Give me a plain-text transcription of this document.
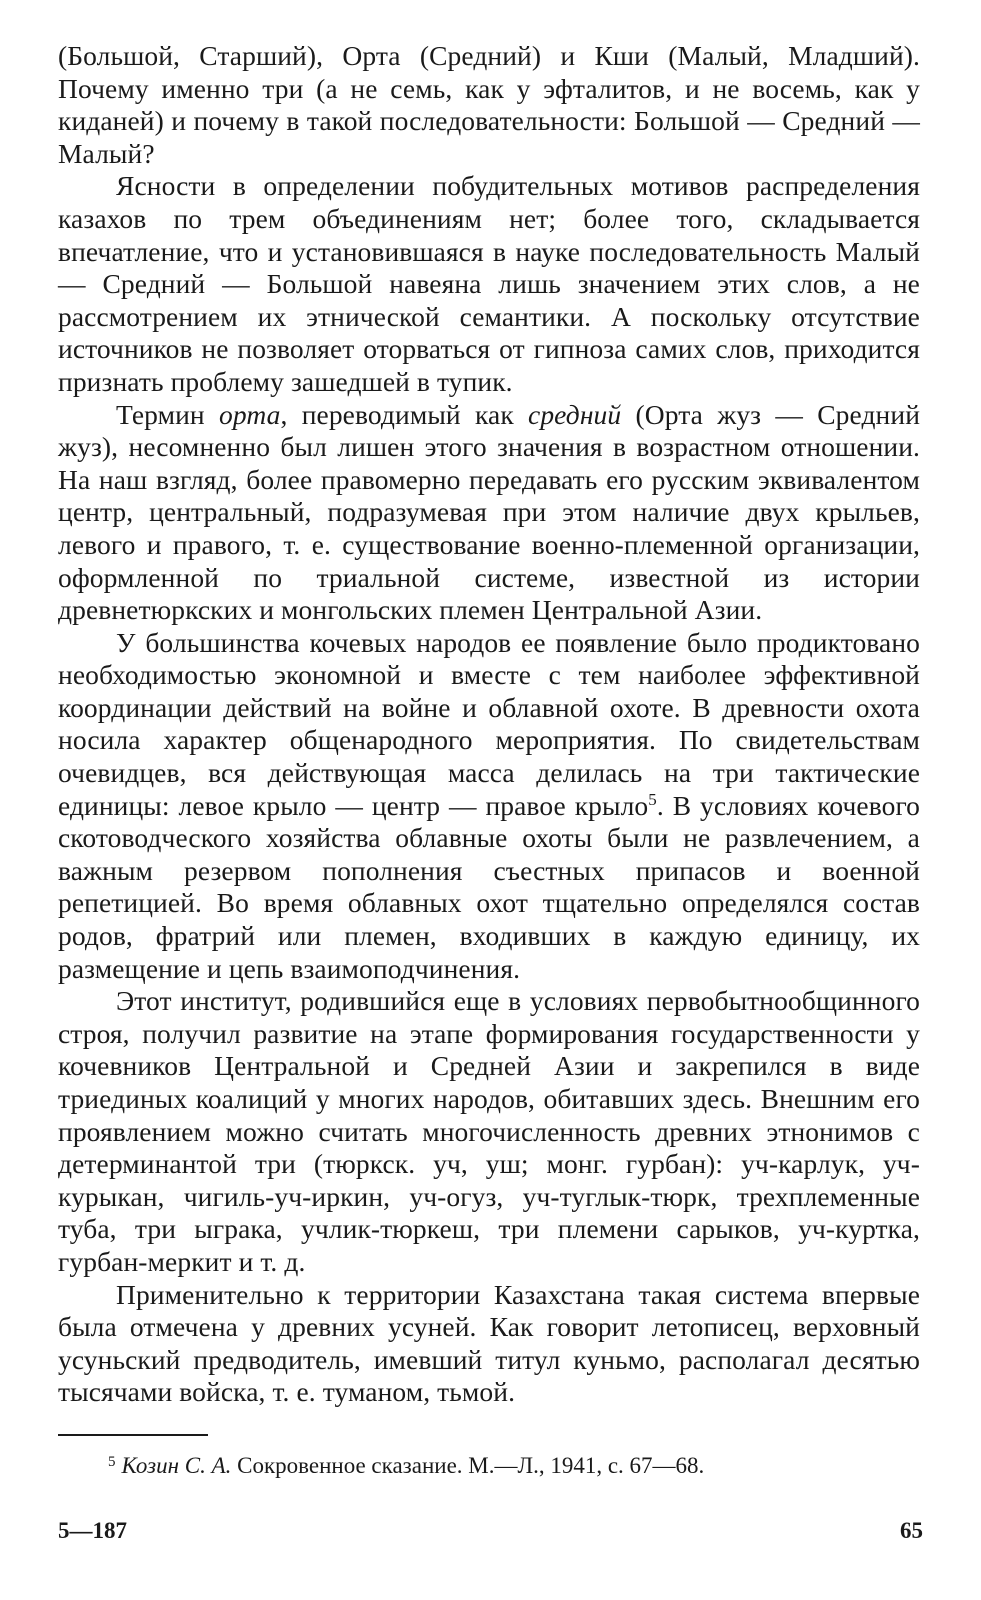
(Большой, Старший), Орта (Средний) и Кши (Малый, Младший). Почему именно три (а не семь, как у эфталитов, и не восемь, как у киданей) и почему в такой последовательности: Большой — Средний — Малый?

Ясности в определении побудительных мотивов распределения казахов по трем объединениям нет; более того, складывается впечатление, что и установившаяся в науке последовательность Малый — Средний — Большой навеяна лишь значением этих слов, а не рассмотрением их этнической семантики. А поскольку отсутствие источников не позволяет оторваться от гипноза самих слов, приходится признать проблему зашедшей в тупик.

Термин орта, переводимый как средний (Орта жуз — Средний жуз), несомненно был лишен этого значения в возрастном отношении. На наш взгляд, более правомерно передавать его русским эквивалентом центр, центральный, подразумевая при этом наличие двух крыльев, левого и правого, т. е. существование военно-племенной организации, оформленной по триальной системе, известной из истории древнетюркских и монгольских племен Центральной Азии.

У большинства кочевых народов ее появление было продиктовано необходимостью экономной и вместе с тем наиболее эффективной координации действий на войне и облавной охоте. В древности охота носила характер общенародного мероприятия. По свидетельствам очевидцев, вся действующая масса делилась на три тактические единицы: левое крыло — центр — правое крыло$^5$. В условиях кочевого скотоводческого хозяйства облавные охоты были не развлечением, а важным резервом пополнения съестных припасов и военной репетицией. Во время облавных охот тщательно определялся состав родов, фратрий или племен, входивших в каждую единицу, их размещение и цепь взаимоподчинения.

Этот институт, родившийся еще в условиях первобытнообщинного строя, получил развитие на этапе формирования государственности у кочевников Центральной и Средней Азии и закрепился в виде триединых коалиций у многих народов, обитавших здесь. Внешним его проявлением можно считать многочисленность древних этнонимов с детерминантой три (тюркск. уч, уш; монг. гурбан): уч-карлук, уч-курыкан, чигиль-уч-иркин, уч-огуз, уч-туглык-тюрк, трехплеменные туба, три ыграка, учлик-тюркеш, три племени сарыков, уч-куртка, гурбан-меркит и т. д.

Применительно к территории Казахстана такая система впервые была отмечена у древних усуней. Как говорит летописец, верховный усуньский предводитель, имевший титул куньмо, располагал десятью тысячами войска, т. е. туманом, тьмой.

$^5$ Козин С. А. Сокровенное сказание. М.—Л., 1941, с. 67—68.
5—187	65
